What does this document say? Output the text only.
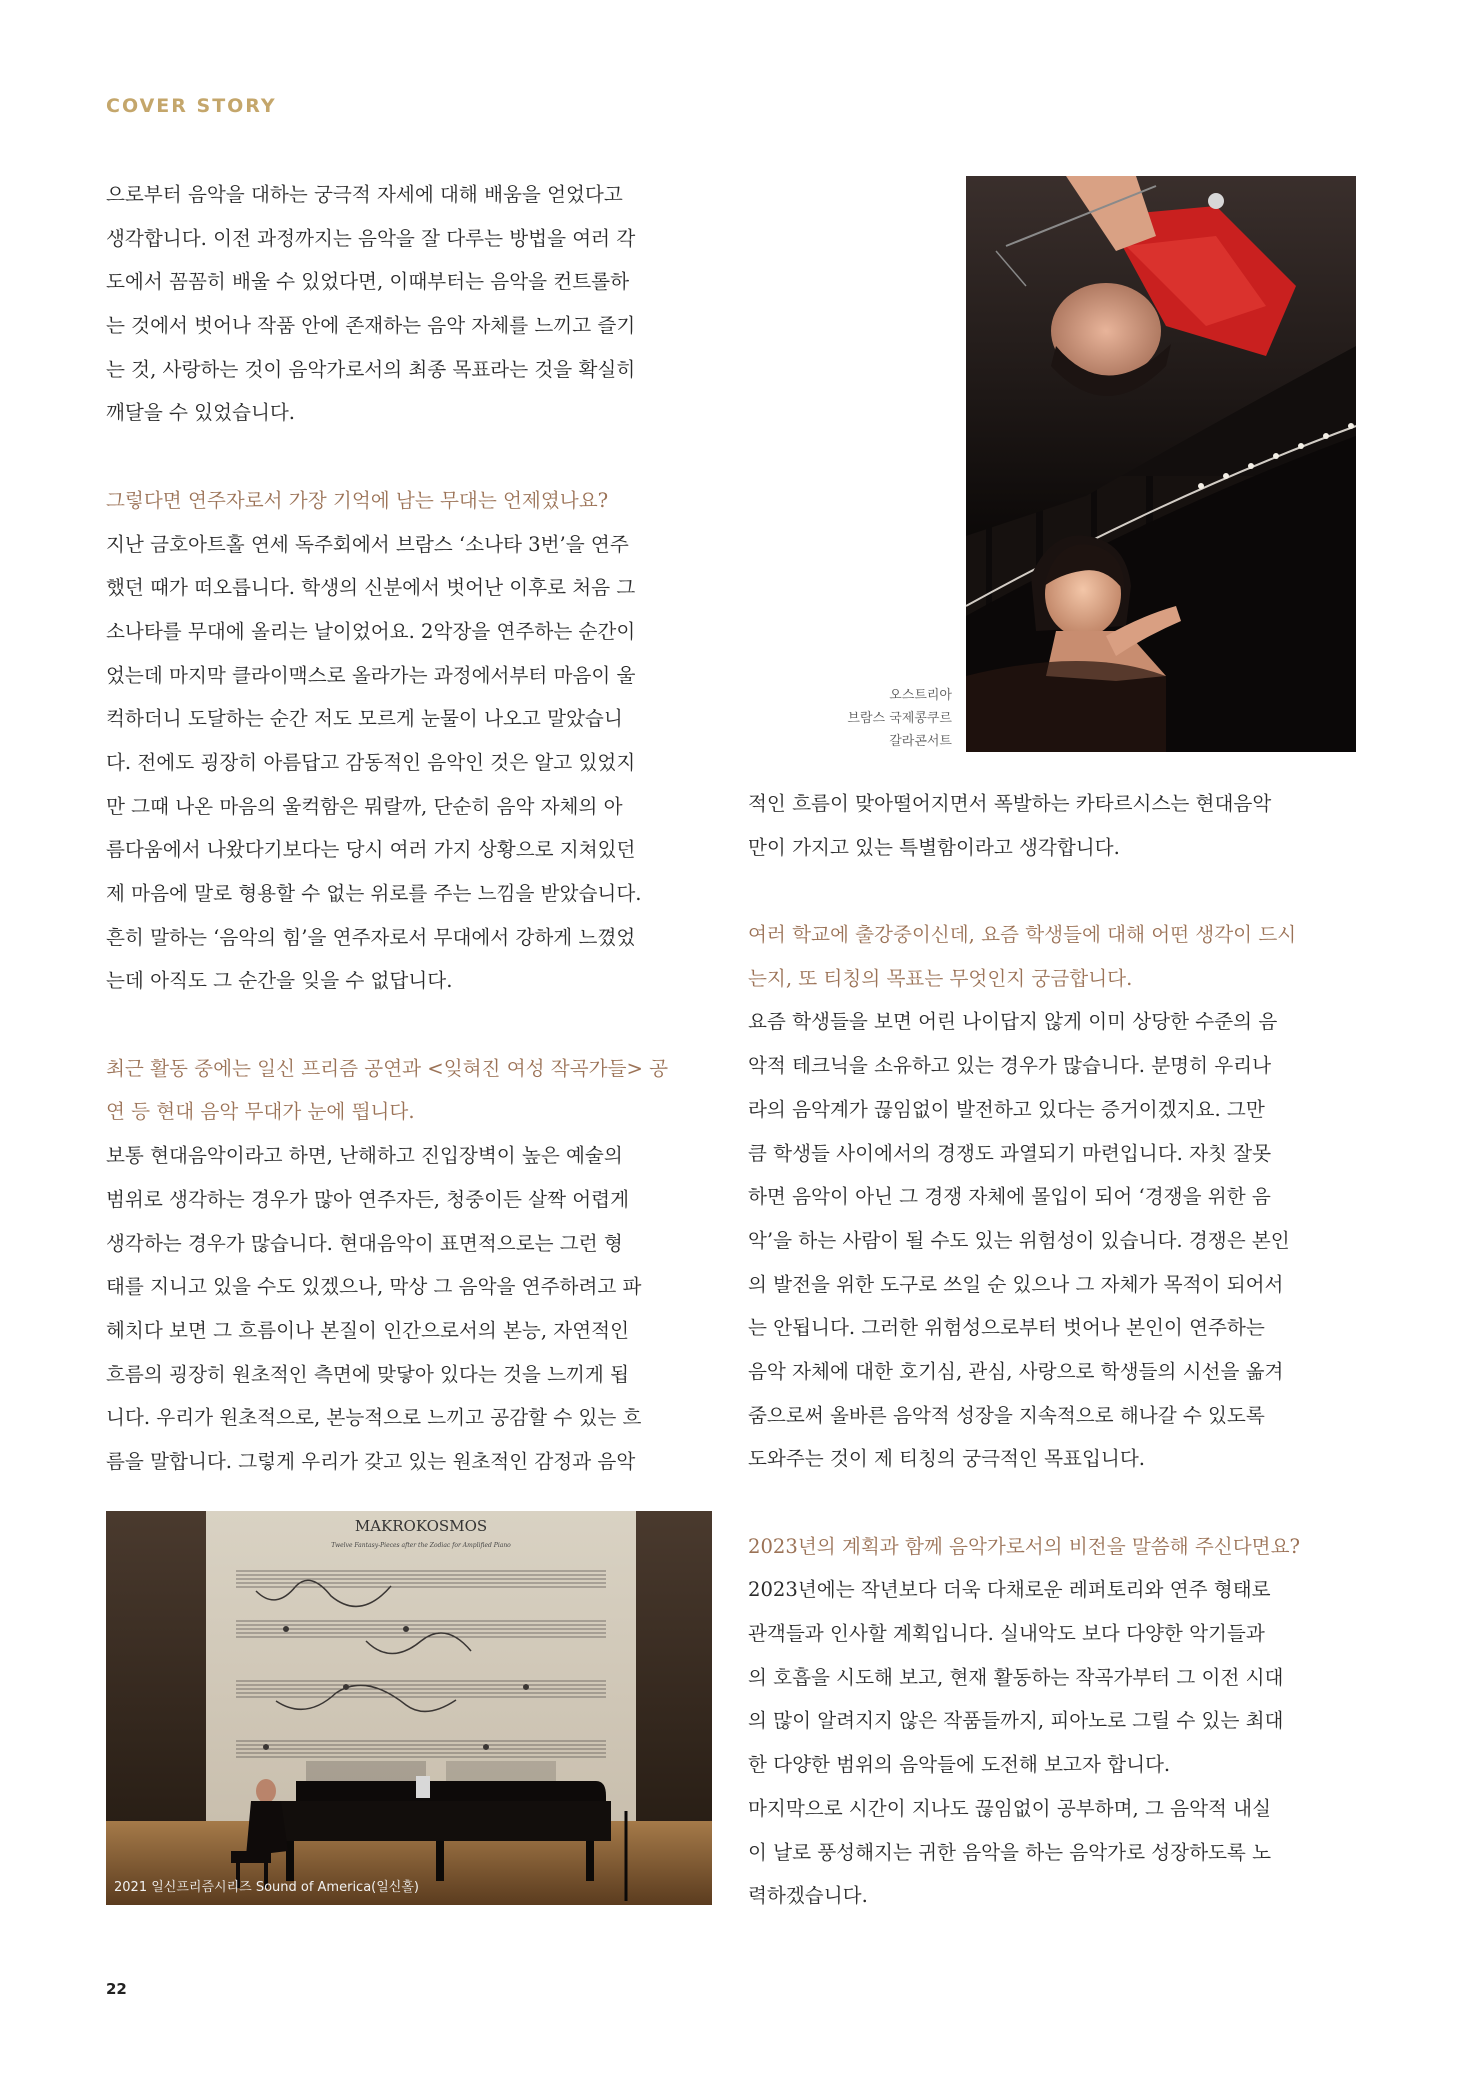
COVER STORY
으로부터 음악을 대하는 궁극적 자세에 대해 배움을 얻었다고
생각합니다. 이전 과정까지는 음악을 잘 다루는 방법을 여러 각
도에서 꼼꼼히 배울 수 있었다면, 이때부터는 음악을 컨트롤하
는 것에서 벗어나 작품 안에 존재하는 음악 자체를 느끼고 즐기
는 것, 사랑하는 것이 음악가로서의 최종 목표라는 것을 확실히
깨달을 수 있었습니다.
그렇다면 연주자로서 가장 기억에 남는 무대는 언제였나요?
지난 금호아트홀 연세 독주회에서 브람스 ‘소나타 3번’을 연주
했던 때가 떠오릅니다. 학생의 신분에서 벗어난 이후로 처음 그
소나타를 무대에 올리는 날이었어요. 2악장을 연주하는 순간이
었는데 마지막 클라이맥스로 올라가는 과정에서부터 마음이 울
컥하더니 도달하는 순간 저도 모르게 눈물이 나오고 말았습니
다. 전에도 굉장히 아름답고 감동적인 음악인 것은 알고 있었지
만 그때 나온 마음의 울컥함은 뭐랄까, 단순히 음악 자체의 아
름다움에서 나왔다기보다는 당시 여러 가지 상황으로 지쳐있던
제 마음에 말로 형용할 수 없는 위로를 주는 느낌을 받았습니다.
흔히 말하는 ‘음악의 힘’을 연주자로서 무대에서 강하게 느꼈었
는데 아직도 그 순간을 잊을 수 없답니다.
최근 활동 중에는 일신 프리즘 공연과 <잊혀진 여성 작곡가들> 공
연 등 현대 음악 무대가 눈에 띕니다.
보통 현대음악이라고 하면, 난해하고 진입장벽이 높은 예술의
범위로 생각하는 경우가 많아 연주자든, 청중이든 살짝 어렵게
생각하는 경우가 많습니다. 현대음악이 표면적으로는 그런 형
태를 지니고 있을 수도 있겠으나, 막상 그 음악을 연주하려고 파
헤치다 보면 그 흐름이나 본질이 인간으로서의 본능, 자연적인
흐름의 굉장히 원초적인 측면에 맞닿아 있다는 것을 느끼게 됩
니다. 우리가 원초적으로, 본능적으로 느끼고 공감할 수 있는 흐
름을 말합니다. 그렇게 우리가 갖고 있는 원초적인 감정과 음악
오스트리아
브람스 국제콩쿠르
갈라콘서트
적인 흐름이 맞아떨어지면서 폭발하는 카타르시스는 현대음악
만이 가지고 있는 특별함이라고 생각합니다.
여러 학교에 출강중이신데, 요즘 학생들에 대해 어떤 생각이 드시
는지, 또 티칭의 목표는 무엇인지 궁금합니다.
요즘 학생들을 보면 어린 나이답지 않게 이미 상당한 수준의 음
악적 테크닉을 소유하고 있는 경우가 많습니다. 분명히 우리나
라의 음악계가 끊임없이 발전하고 있다는 증거이겠지요. 그만
큼 학생들 사이에서의 경쟁도 과열되기 마련입니다. 자칫 잘못
하면 음악이 아닌 그 경쟁 자체에 몰입이 되어 ‘경쟁을 위한 음
악’을 하는 사람이 될 수도 있는 위험성이 있습니다. 경쟁은 본인
의 발전을 위한 도구로 쓰일 순 있으나 그 자체가 목적이 되어서
는 안됩니다. 그러한 위험성으로부터 벗어나 본인이 연주하는
음악 자체에 대한 호기심, 관심, 사랑으로 학생들의 시선을 옮겨
줌으로써 올바른 음악적 성장을 지속적으로 해나갈 수 있도록
도와주는 것이 제 티칭의 궁극적인 목표입니다.
2023년의 계획과 함께 음악가로서의 비전을 말씀해 주신다면요?
2023년에는 작년보다 더욱 다채로운 레퍼토리와 연주 형태로
관객들과 인사할 계획입니다. 실내악도 보다 다양한 악기들과
의 호흡을 시도해 보고, 현재 활동하는 작곡가부터 그 이전 시대
의 많이 알려지지 않은 작품들까지, 피아노로 그릴 수 있는 최대
한 다양한 범위의 음악들에 도전해 보고자 합니다.
마지막으로 시간이 지나도 끊임없이 공부하며, 그 음악적 내실
이 날로 풍성해지는 귀한 음악을 하는 음악가로 성장하도록 노
력하겠습니다.
MAKROKOSMOS
Twelve Fantasy-Pieces after the Zodiac for Amplified Piano
2021 일신프리즘시리즈 Sound of America(일신홀)
22
